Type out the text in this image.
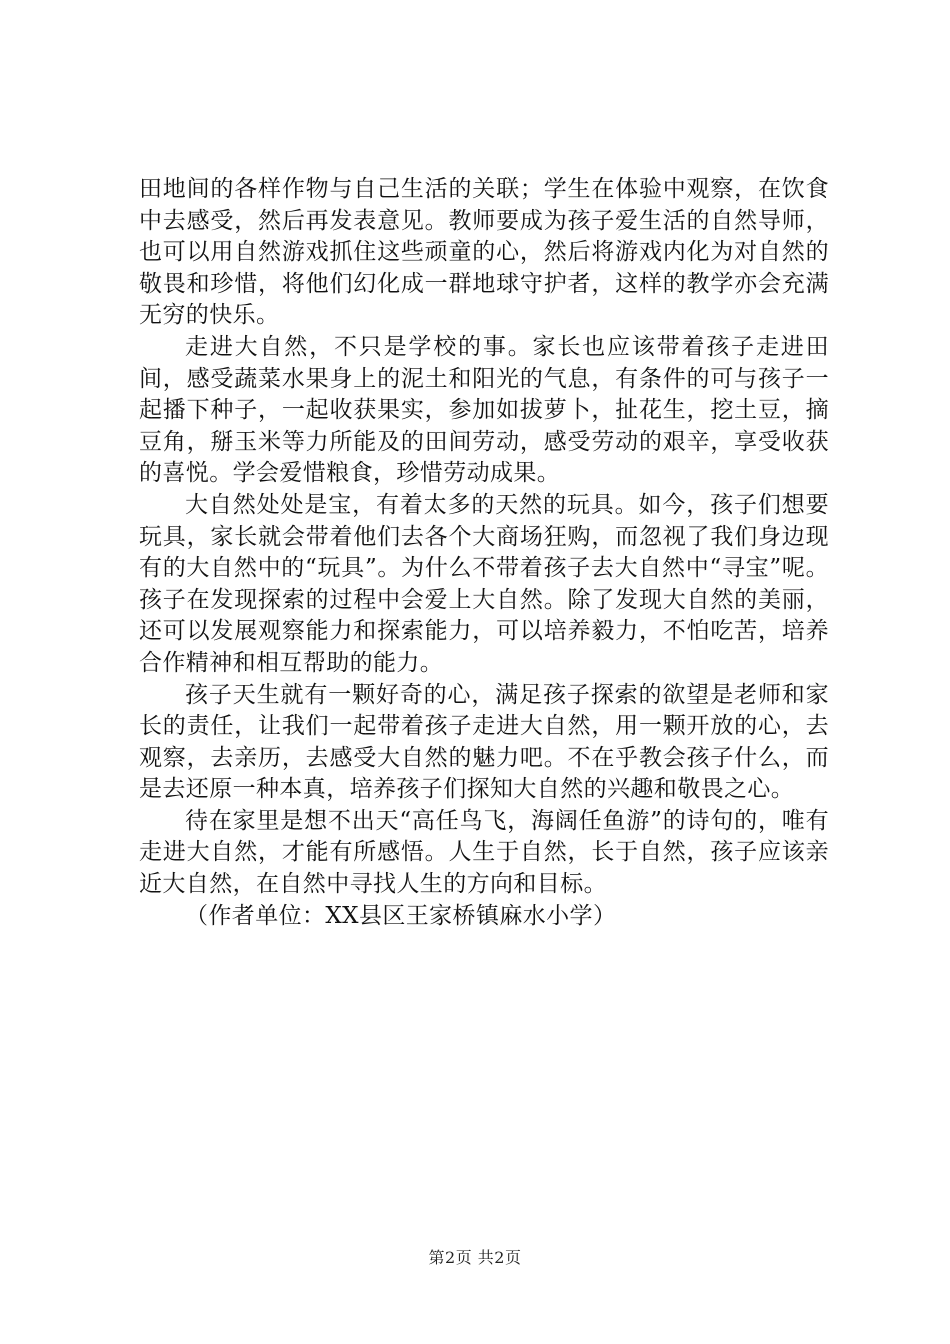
田地间的各样作物与自己生活的关联；学生在体验中观察，在饮食中去感受，然后再发表意见。教师要成为孩子爱生活的自然导师，也可以用自然游戏抓住这些顽童的心，然后将游戏内化为对自然的敬畏和珍惜，将他们幻化成一群地球守护者，这样的教学亦会充满无穷的快乐。

走进大自然，不只是学校的事。家长也应该带着孩子走进田间，感受蔬菜水果身上的泥土和阳光的气息，有条件的可与孩子一起播下种子，一起收获果实，参加如拔萝卜，扯花生，挖土豆，摘豆角，掰玉米等力所能及的田间劳动，感受劳动的艰辛，享受收获的喜悦。学会爱惜粮食，珍惜劳动成果。

大自然处处是宝，有着太多的天然的玩具。如今，孩子们想要玩具，家长就会带着他们去各个大商场狂购，而忽视了我们身边现有的大自然中的“玩具”。为什么不带着孩子去大自然中“寻宝”呢。孩子在发现探索的过程中会爱上大自然。除了发现大自然的美丽，还可以发展观察能力和探索能力，可以培养毅力，不怕吃苦，培养合作精神和相互帮助的能力。

孩子天生就有一颗好奇的心，满足孩子探索的欲望是老师和家长的责任，让我们一起带着孩子走进大自然，用一颗开放的心，去观察，去亲历，去感受大自然的魅力吧。不在乎教会孩子什么，而是去还原一种本真，培养孩子们探知大自然的兴趣和敬畏之心。

待在家里是想不出天“高任鸟飞，海阔任鱼游”的诗句的，唯有走进大自然，才能有所感悟。人生于自然，长于自然，孩子应该亲近大自然，在自然中寻找人生的方向和目标。

（作者单位：XX县区王家桥镇麻水小学）

第2页 共2页
